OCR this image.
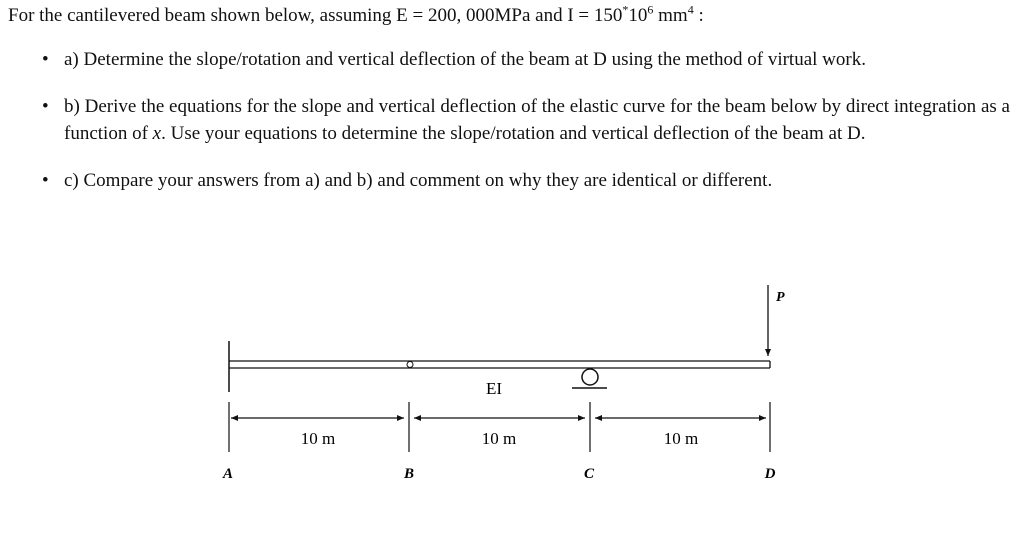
For the cantilevered beam shown below, assuming E = 200, 000MPa and $I = 150^*10^6$ $mm^4$ :
• a) Determine the slope/rotation and vertical deflection of the beam at D using the method of virtual work.
• b) Derive the equations for the slope and vertical deflection of the elastic curve for the beam below by direct integration as a function of x. Use your equations to determine the slope/rotation and vertical deflection of the beam at D.
• c) Compare your answers from a) and b) and comment on why they are identical or different.
P
EI
10 m	10 m	10 m
A	B	C	D
